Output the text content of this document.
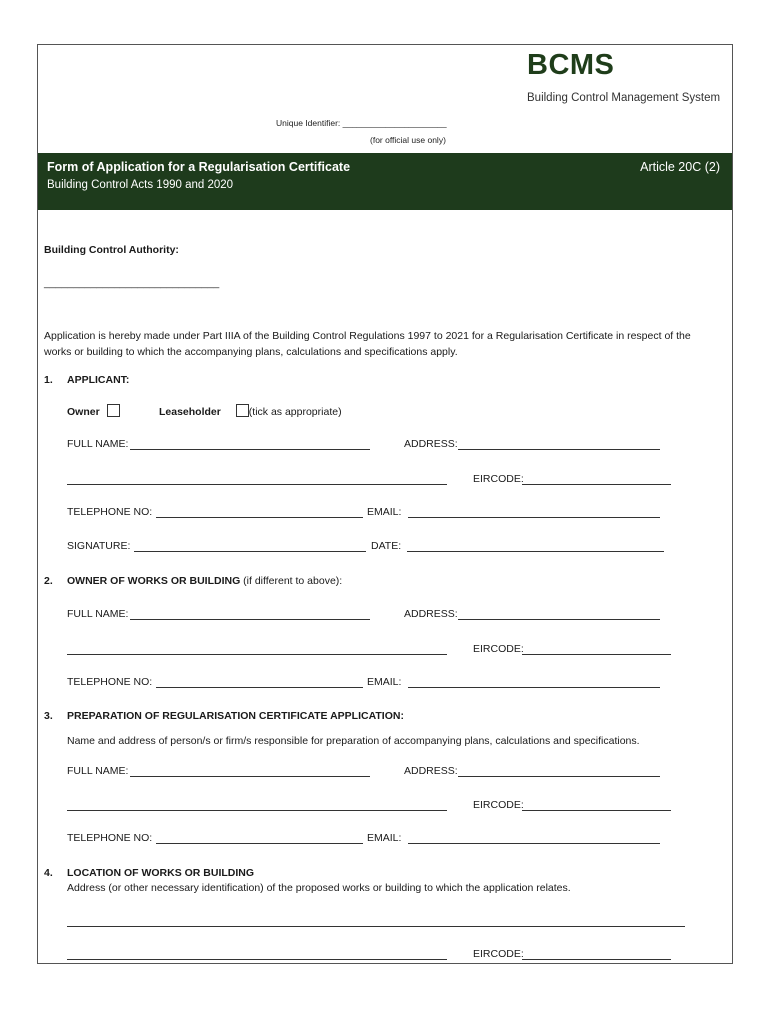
BCMS
Building Control Management System
Unique Identifier: ______________________
(for official use only)
Form of Application for a Regularisation Certificate
Building Control Acts 1990 and 2020
Article 20C (2)
Building Control Authority:
______________________________
Application is hereby made under Part IIIA of the Building Control Regulations 1997 to 2021 for a Regularisation Certificate in respect of the works or building to which the accompanying plans, calculations and specifications apply.
1. APPLICANT:
Owner	Leaseholder	(tick as appropriate)
FULL NAME:	ADDRESS:
EIRCODE:
TELEPHONE NO:	EMAIL:
SIGNATURE:	DATE:
2. OWNER OF WORKS OR BUILDING (if different to above):
FULL NAME:	ADDRESS:
EIRCODE:
TELEPHONE NO:	EMAIL:
3. PREPARATION OF REGULARISATION CERTIFICATE APPLICATION:
Name and address of person/s or firm/s responsible for preparation of accompanying plans, calculations and specifications.
FULL NAME:	ADDRESS:
EIRCODE:
TELEPHONE NO:	EMAIL:
4. LOCATION OF WORKS OR BUILDING
Address (or other necessary identification) of the proposed works or building to which the application relates.
EIRCODE:
